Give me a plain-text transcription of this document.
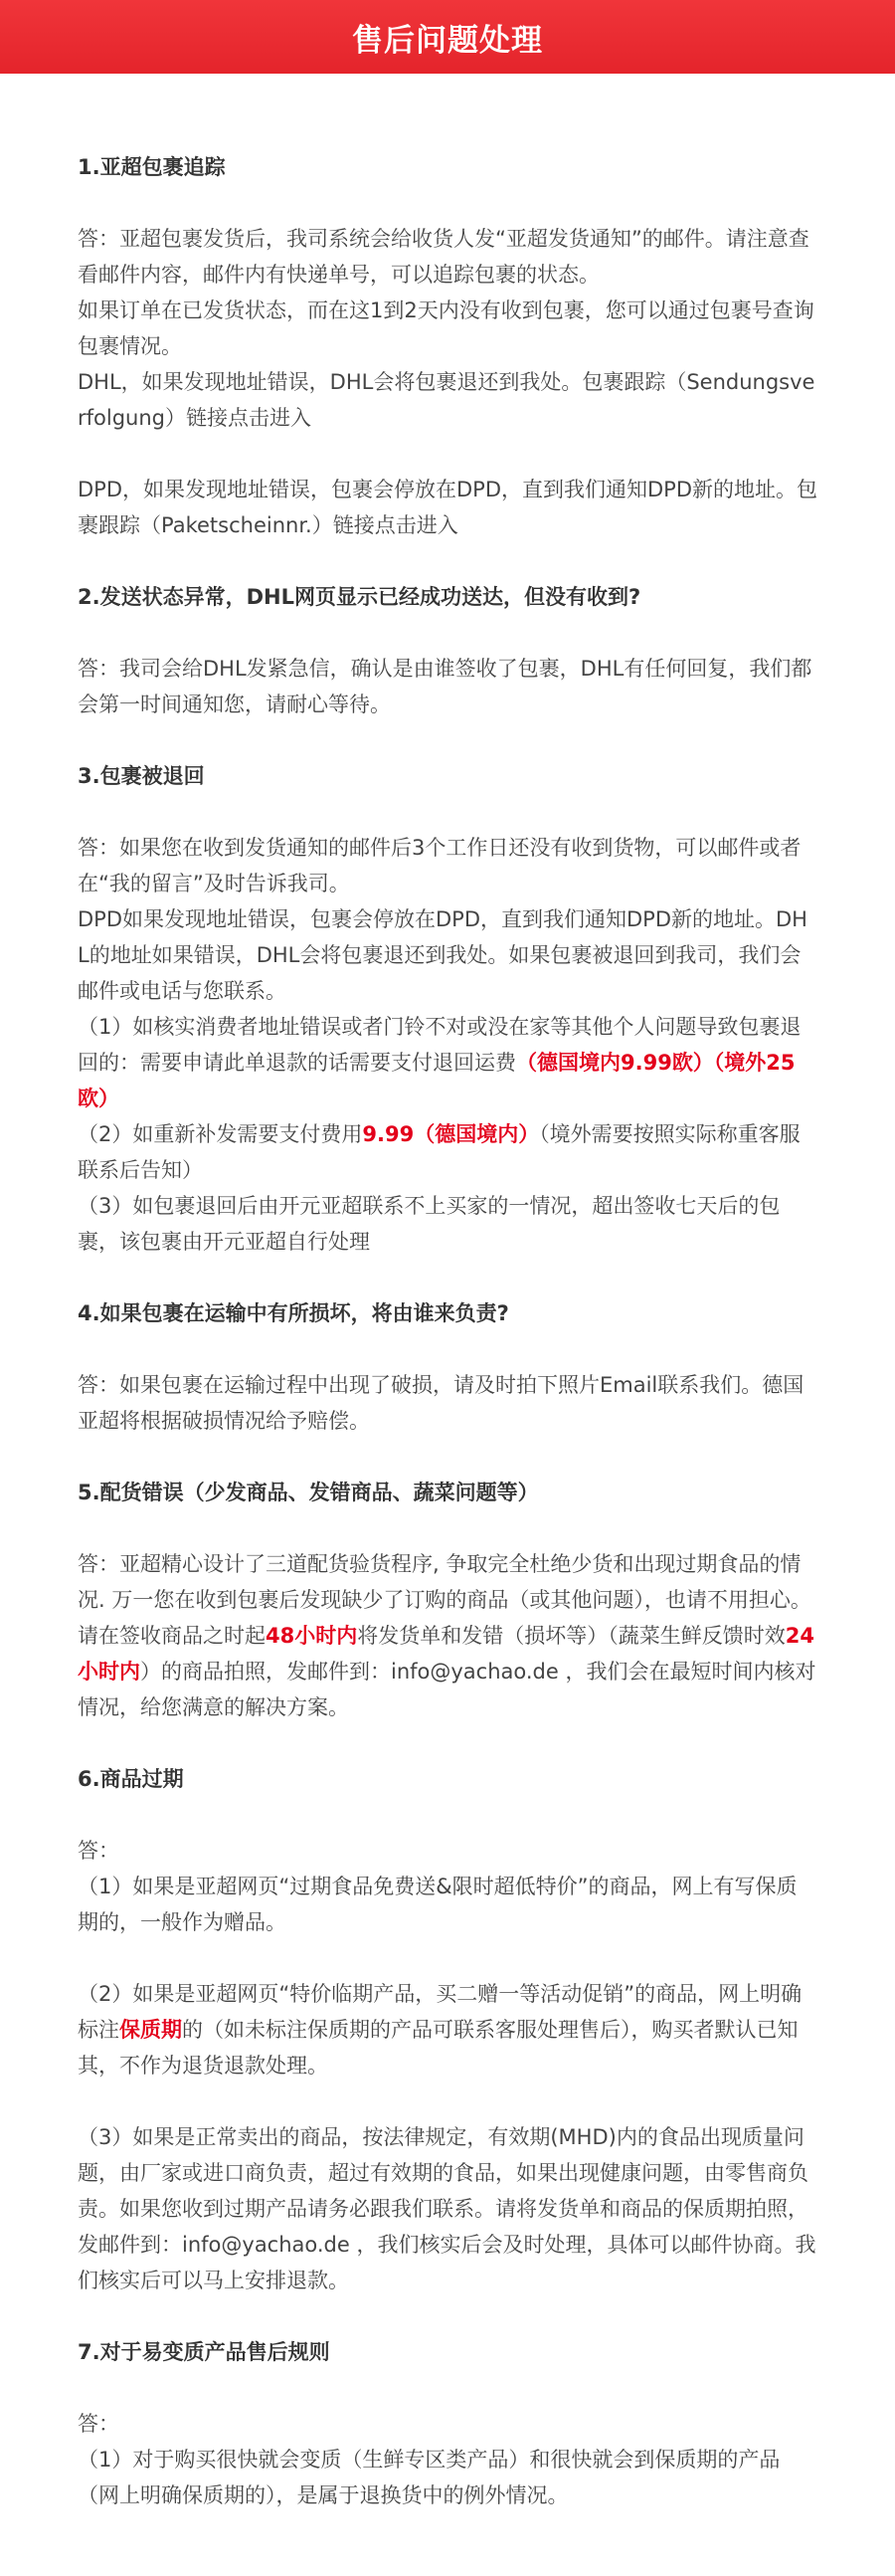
售后问题处理
1.亚超包裹追踪

答：亚超包裹发货后，我司系统会给收货人发“亚超发货通知”的邮件。请注意查看邮件内容，邮件内有快递单号，可以追踪包裹的状态。

如果订单在已发货状态，而在这1到2天内没有收到包裹，您可以通过包裹号查询包裹情况。

DHL，如果发现地址错误，DHL会将包裹退还到我处。包裹跟踪（Sendungsverfolgung）链接点击进入

DPD，如果发现地址错误，包裹会停放在DPD，直到我们通知DPD新的地址。包裹跟踪（Paketscheinnr.）链接点击进入

2.发送状态异常，DHL网页显示已经成功送达，但没有收到?

答：我司会给DHL发紧急信，确认是由谁签收了包裹，DHL有任何回复，我们都会第一时间通知您，请耐心等待。

3.包裹被退回

答：如果您在收到发货通知的邮件后3个工作日还没有收到货物，可以邮件或者在“我的留言”及时告诉我司。

DPD如果发现地址错误，包裹会停放在DPD，直到我们通知DPD新的地址。DHL的地址如果错误，DHL会将包裹退还到我处。如果包裹被退回到我司，我们会邮件或电话与您联系。

（1）如核实消费者地址错误或者门铃不对或没在家等其他个人问题导致包裹退回的：需要申请此单退款的话需要支付退回运费（德国境内9.99欧）（境外25欧）

（2）如重新补发需要支付费用9.99（德国境内）（境外需要按照实际称重客服联系后告知）

（3）如包裹退回后由开元亚超联系不上买家的一情况，超出签收七天后的包裹，该包裹由开元亚超自行处理

4.如果包裹在运输中有所损坏，将由谁来负责?

答：如果包裹在运输过程中出现了破损，请及时拍下照片Email联系我们。德国亚超将根据破损情况给予赔偿。

5.配货错误（少发商品、发错商品、蔬菜问题等）

答：亚超精心设计了三道配货验货程序, 争取完全杜绝少货和出现过期食品的情况. 万一您在收到包裹后发现缺少了订购的商品（或其他问题），也请不用担心。

请在签收商品之时起48小时内将发货单和发错（损坏等）（蔬菜生鲜反馈时效24小时内）的商品拍照，发邮件到：info@yachao.de ，我们会在最短时间内核对情况，给您满意的解决方案。

6.商品过期

答：

（1）如果是亚超网页“过期食品免费送&限时超低特价”的商品，网上有写保质期的，一般作为赠品。

（2）如果是亚超网页“特价临期产品，买二赠一等活动促销”的商品，网上明确标注保质期的（如未标注保质期的产品可联系客服处理售后），购买者默认已知其，不作为退货退款处理。

（3）如果是正常卖出的商品，按法律规定，有效期(MHD)内的食品出现质量问题，由厂家或进口商负责，超过有效期的食品，如果出现健康问题，由零售商负责。如果您收到过期产品请务必跟我们联系。请将发货单和商品的保质期拍照，发邮件到：info@yachao.de ，我们核实后会及时处理，具体可以邮件协商。我们核实后可以马上安排退款。

7.对于易变质产品售后规则

答：

（1）对于购买很快就会变质（生鲜专区类产品）和很快就会到保质期的产品（网上明确保质期的），是属于退换货中的例外情况。
